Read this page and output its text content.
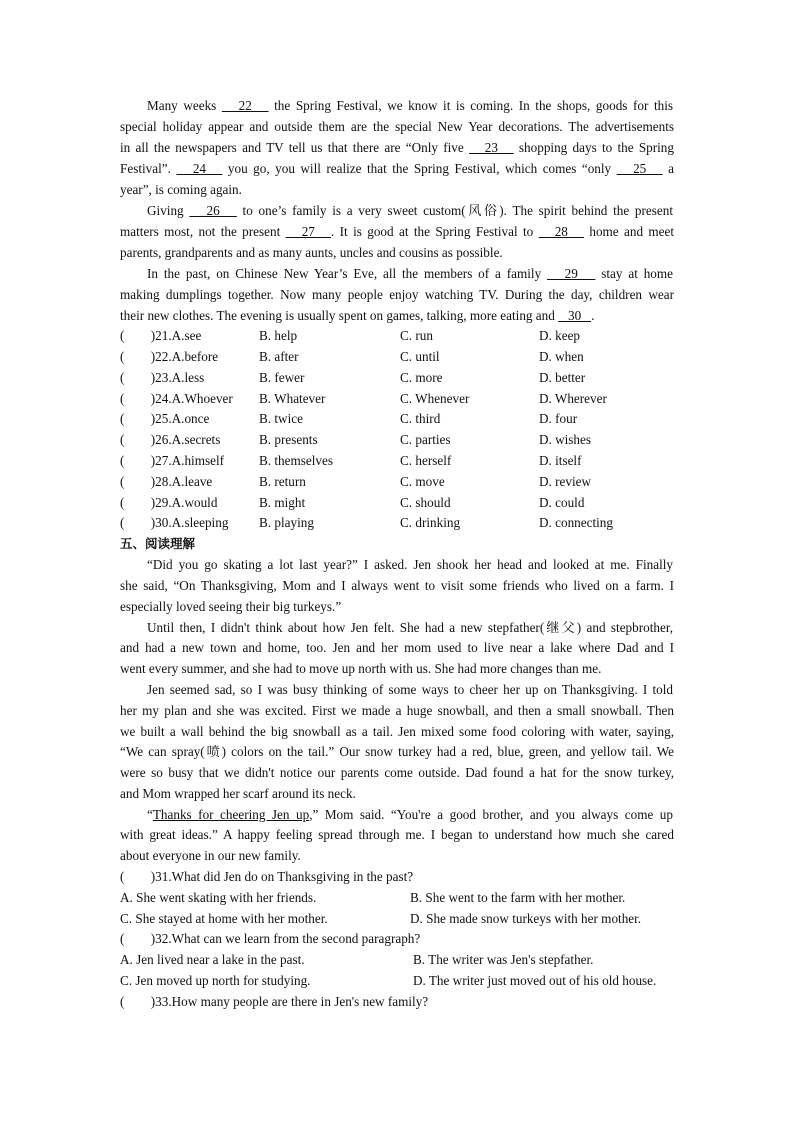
Many weeks    22    the Spring Festival, we know it is coming. In the shops, goods for this
special holiday appear and outside them are the special New Year decorations. The advertisements
in all the newspapers and TV tell us that there are “Only five    23    shopping days to the Spring
Festival”.    24    you go, you will realize that the Spring Festival, which comes “only    25    a
year”, is coming again.
Giving    26    to one’s family is a very sweet custom(风俗). The spirit behind the present
matters most, not the present    27   . It is good at the Spring Festival to    28    home and meet
parents, grandparents and as many aunts, uncles and cousins as possible.
In the past, on Chinese New Year’s Eve, all the members of a family    29    stay at home
making dumplings together. Now many people enjoy watching TV. During the day, children wear
their new clothes. The evening is usually spent on games, talking, more eating and    30   .
(        )21.A.see	B. help	C. run	D. keep
(        )22.A.before	B. after	C. until	D. when
(        )23.A.less	B. fewer	C. more	D. better
(        )24.A.Whoever B. Whatever	C. Whenever	D. Wherever
(        )25.A.once	B. twice	C. third	D. four
(        )26.A.secrets	B. presents	C. parties	D. wishes
(        )27.A.himself	B. themselves	C. herself	D. itself
(        )28.A.leave	B. return	C. move	D. review
(        )29.A.would	B. might	C. should	D. could
(        )30.A.sleeping B. playing	C. drinking	D. connecting
五、阅读理解
“Did you go skating a lot last year?” I asked. Jen shook her head and looked at me. Finally
she said, “On Thanksgiving, Mom and I always went to visit some friends who lived on a farm. I
especially loved seeing their big turkeys.”
Until then, I didn't think about how Jen felt. She had a new stepfather(继父) and stepbrother,
and had a new town and home, too. Jen and her mom used to live near a lake where Dad and I
went every summer, and she had to move up north with us. She had more changes than me.
Jen seemed sad, so I was busy thinking of some ways to cheer her up on Thanksgiving. I told
her my plan and she was excited. First we made a huge snowball, and then a small snowball. Then
we built a wall behind the big snowball as a tail. Jen mixed some food coloring with water, saying,
“We can spray(喷) colors on the tail.” Our snow turkey had a red, blue, green, and yellow tail. We
were so busy that we didn't notice our parents come outside. Dad found a hat for the snow turkey,
and Mom wrapped her scarf around its neck.
“Thanks for cheering Jen up,” Mom said. “You're a good brother, and you always come up
with great ideas.” A happy feeling spread through me. I began to understand how much she cared
about everyone in our new family.
(        )31.What did Jen do on Thanksgiving in the past?
A. She went skating with her friends.	B. She went to the farm with her mother.
C. She stayed at home with her mother.	D. She made snow turkeys with her mother.
(        )32.What can we learn from the second paragraph?
A. Jen lived near a lake in the past.	B. The writer was Jen's stepfather.
C. Jen moved up north for studying.	D. The writer just moved out of his old house.
(        )33.How many people are there in Jen's new family?
